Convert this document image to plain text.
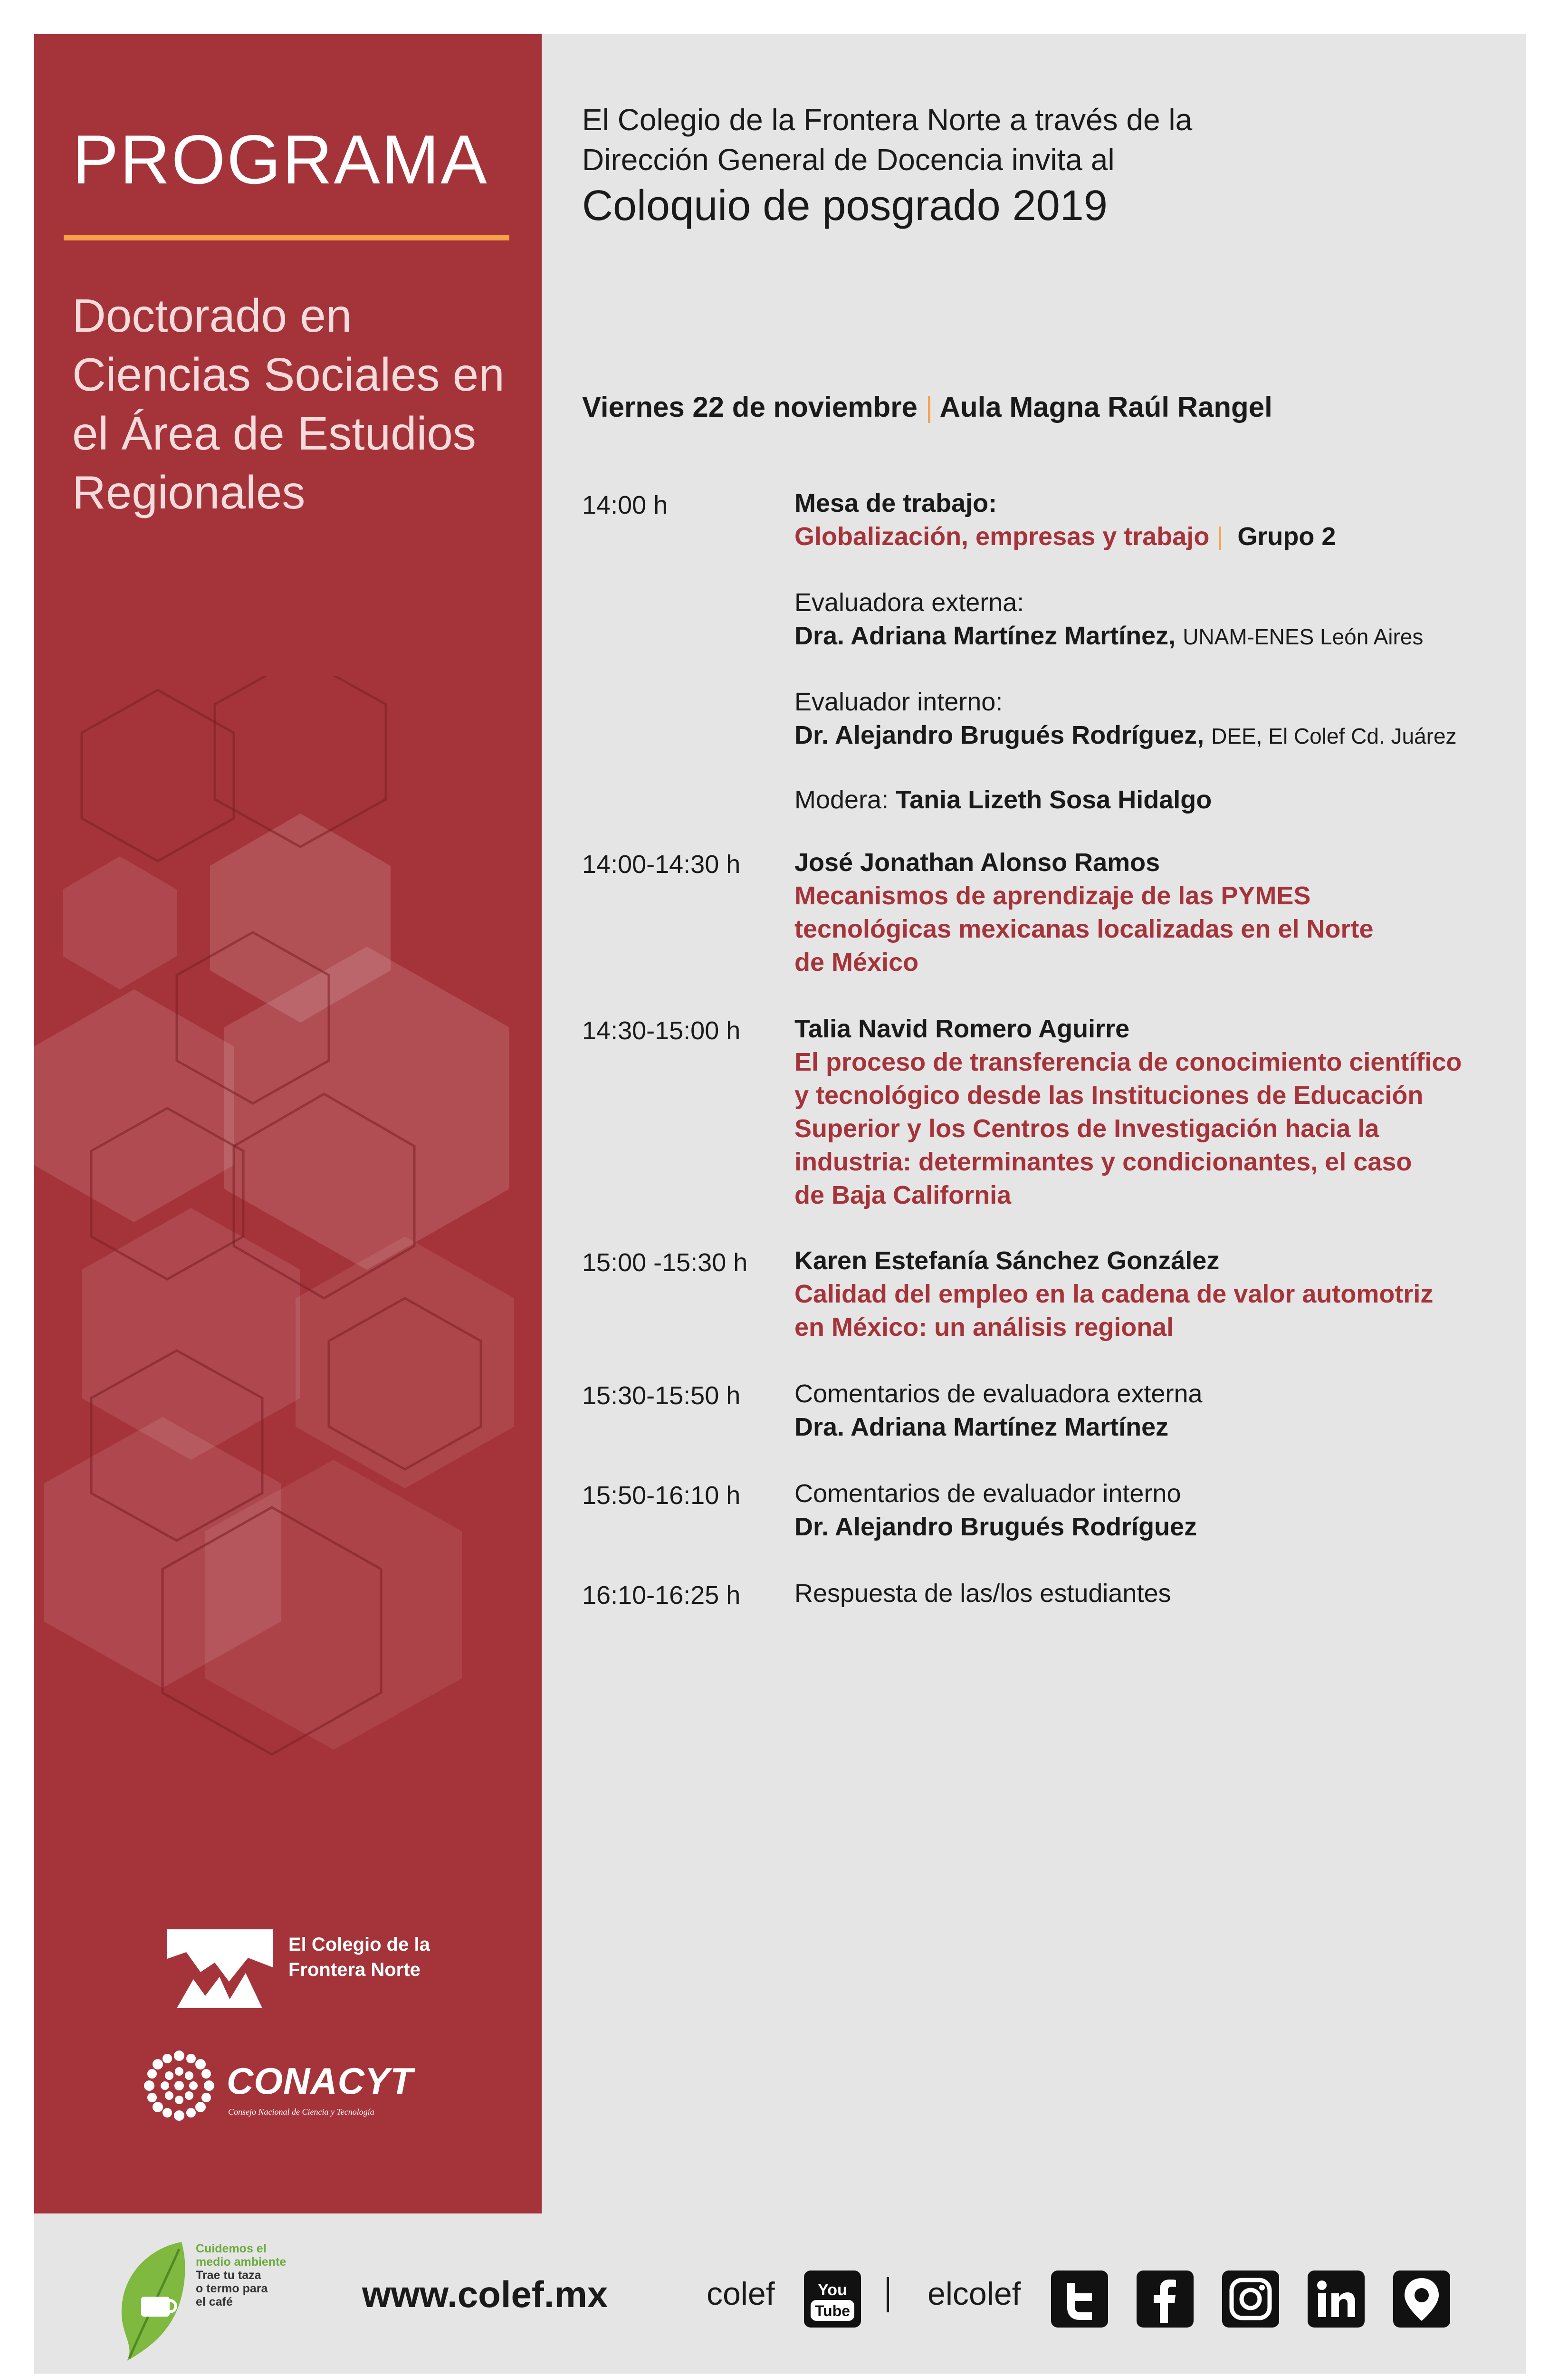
PROGRAMA
Doctorado en Ciencias Sociales en el Área de Estudios Regionales
El Colegio de la Frontera Norte
CONACYT
Consejo Nacional de Ciencia y Tecnología
El Colegio de la Frontera Norte a través de la
Dirección General de Docencia invita al
Coloquio de posgrado 2019
Viernes 22 de noviembre | Aula Magna Raúl Rangel
14:00 h	Mesa de trabajo:
Globalización, empresas y trabajo | Grupo 2
Evaluadora externa:
Dra. Adriana Martínez Martínez, UNAM-ENES León Aires
Evaluador interno:
Dr. Alejandro Brugués Rodríguez, DEE, El Colef Cd. Juárez
Modera: Tania Lizeth Sosa Hidalgo
14:00-14:30 h José Jonathan Alonso Ramos
Mecanismos de aprendizaje de las PYMES
tecnológicas mexicanas localizadas en el Norte
de México
14:30-15:00 h Talia Navid Romero Aguirre
El proceso de transferencia de conocimiento científico
y tecnológico desde las Instituciones de Educación
Superior y los Centros de Investigación hacia la
industria: determinantes y condicionantes, el caso
de Baja California
15:00 -15:30 h Karen Estefanía Sánchez González
Calidad del empleo en la cadena de valor automotriz
en México: un análisis regional
15:30-15:50 h Comentarios de evaluadora externa
Dra. Adriana Martínez Martínez
15:50-16:10 h Comentarios de evaluador interno
Dr. Alejandro Brugués Rodríguez
16:10-16:25 h Respuesta de las/los estudiantes
Cuidemos el
medio ambiente
Trae tu taza
o termo para
el café	www.colef.mx	colef	You
Tube elcolef
